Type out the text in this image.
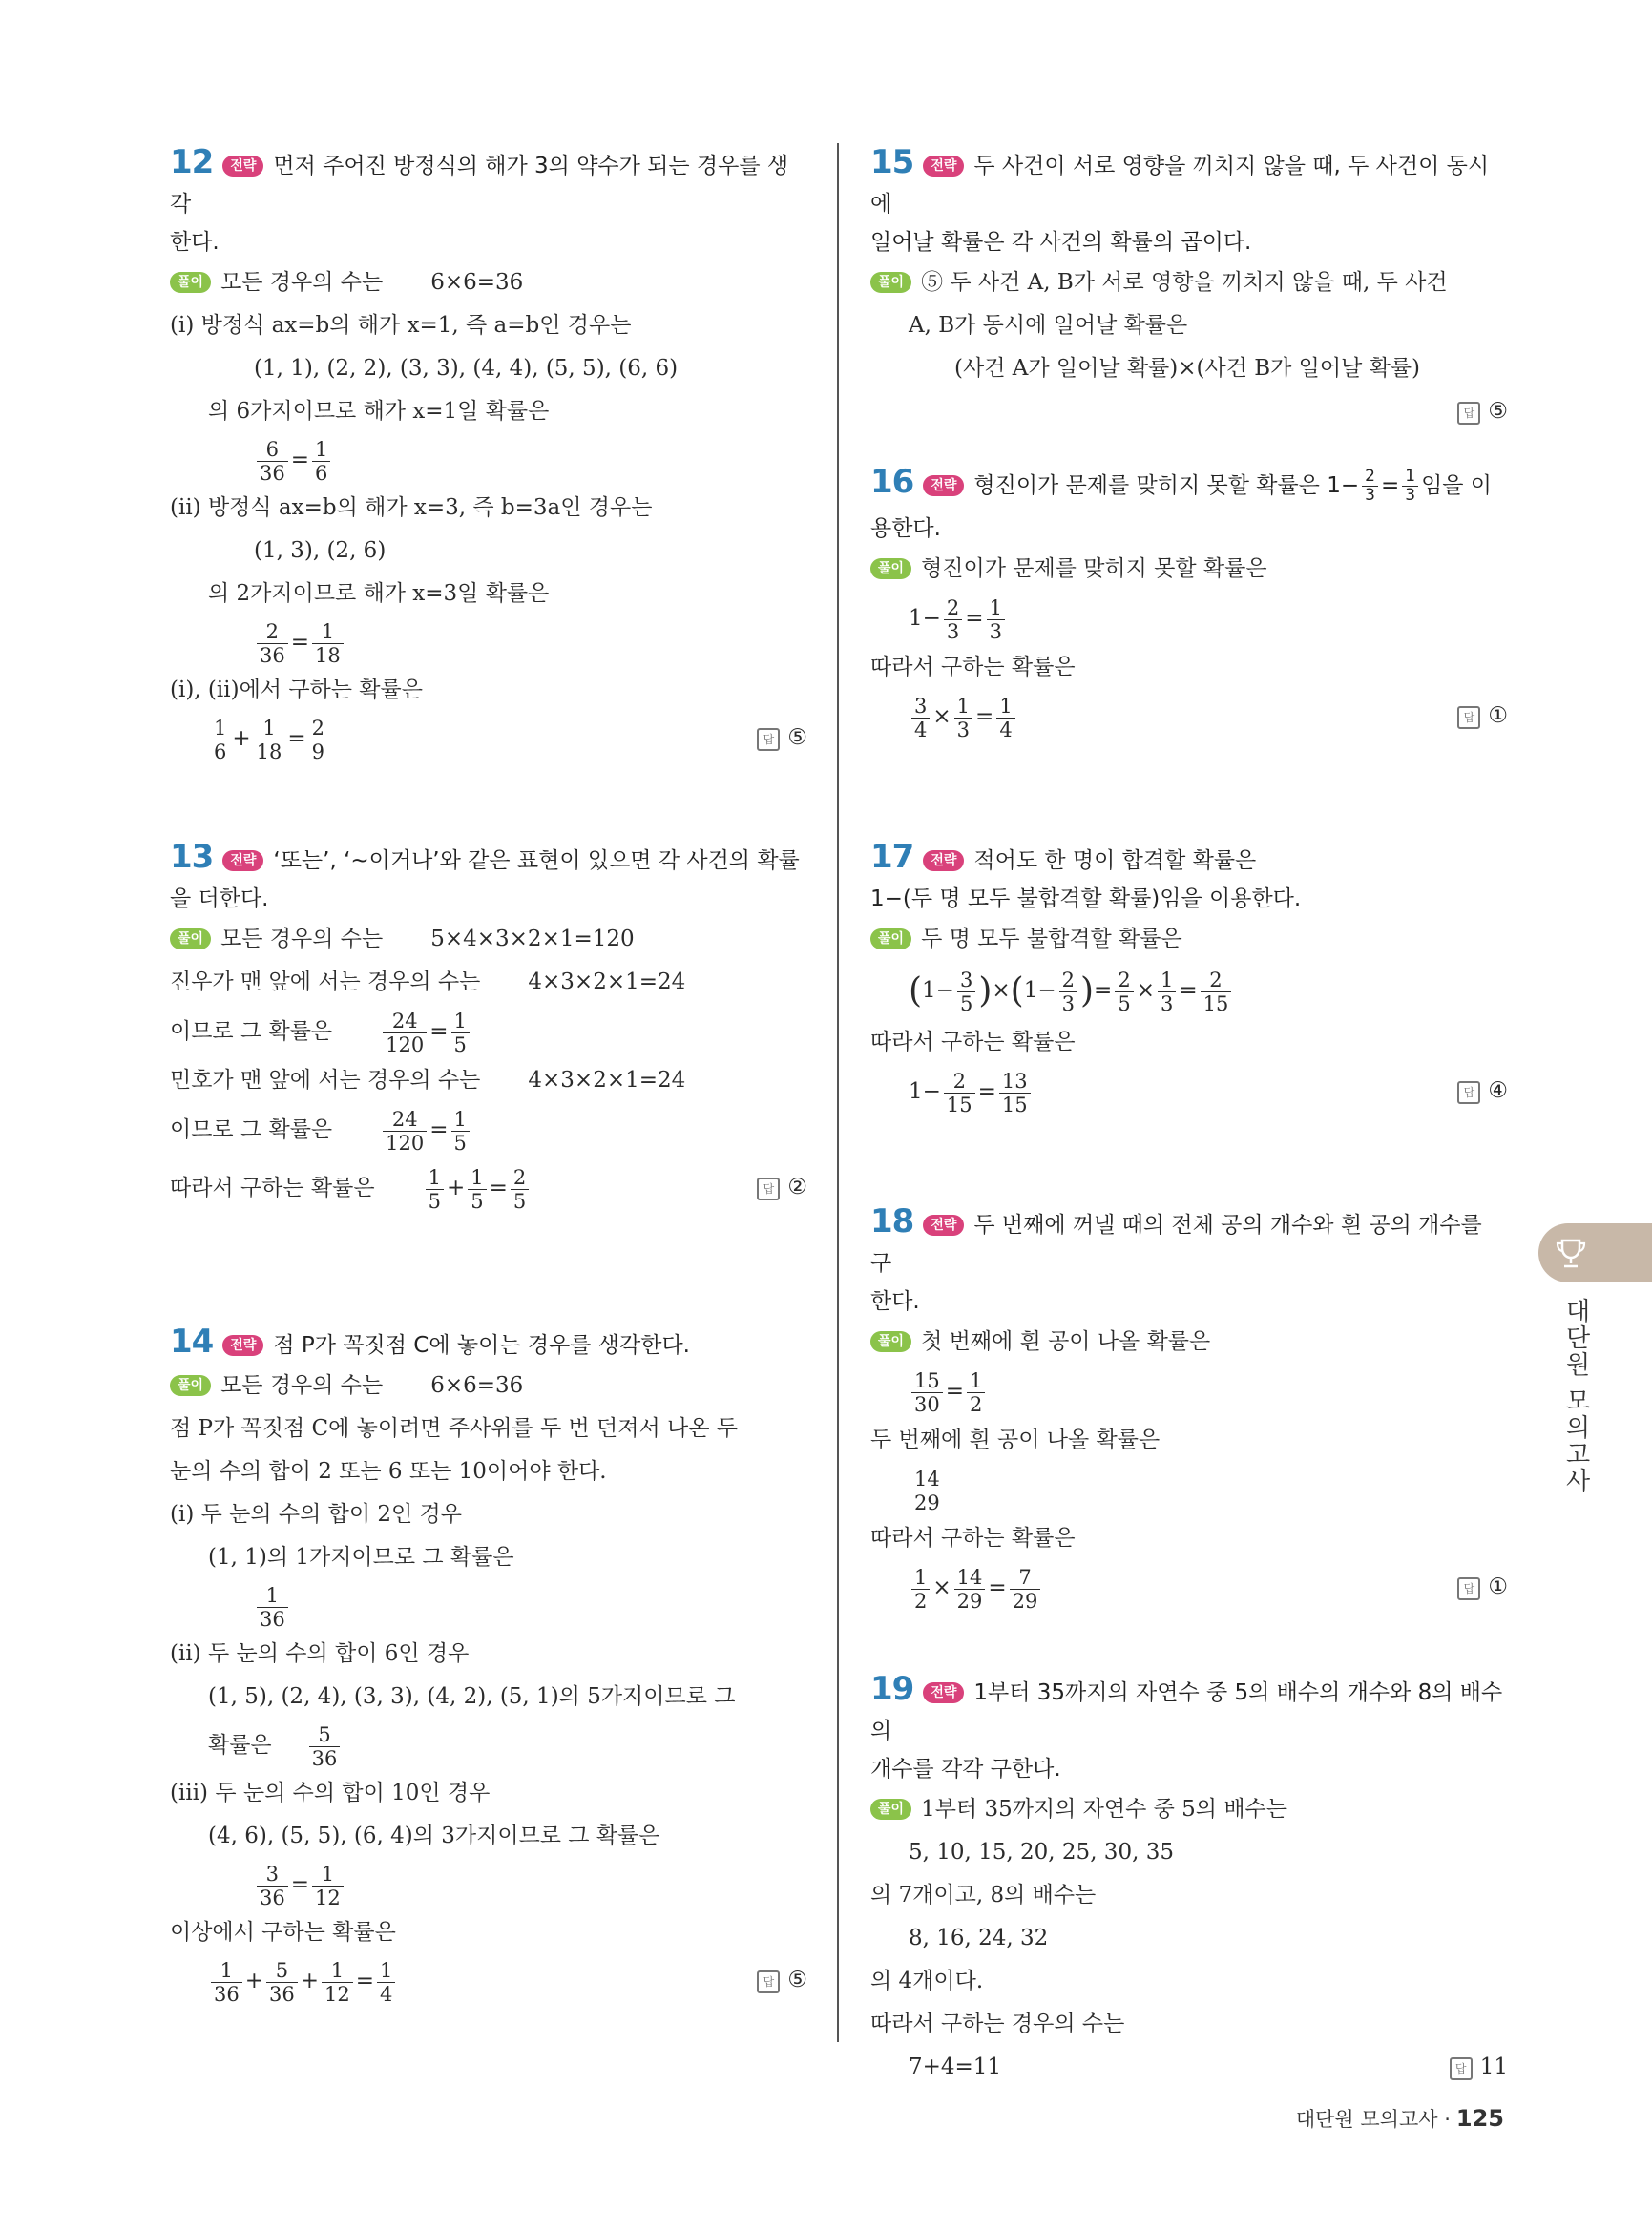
12 전략 먼저 주어진 방정식의 해가 3의 약수가 되는 경우를 생각
한다.
풀이 모든 경우의 수는 6×6=36
(ⅰ) 방정식 ax=b의 해가 x=1, 즉 a=b인 경우는
(1, 1), (2, 2), (3, 3), (4, 4), (5, 5), (6, 6)
의 6가지이므로 해가 x=1일 확률은
$\frac{6}{36} = \frac{1}{6}$
(ⅱ) 방정식 ax=b의 해가 x=3, 즉 b=3a인 경우는
(1, 3), (2, 6)
의 2가지이므로 해가 x=3일 확률은
$\frac{2}{36} = \frac{1}{18}$
(ⅰ), (ⅱ)에서 구하는 확률은
$\frac{1}{6} + \frac{1}{18} = \frac{2}{9}$	답 ⑤
13 전략 ‘또는’, ‘~이거나’와 같은 표현이 있으면 각 사건의 확률
을 더한다.
풀이 모든 경우의 수는 5×4×3×2×1=120
진우가 맨 앞에 서는 경우의 수는 4×3×2×1=24
이므로 그 확률은	$\frac{24}{120} = \frac{1}{5}$
민호가 맨 앞에 서는 경우의 수는 4×3×2×1=24
이므로 그 확률은	$\frac{24}{120} = \frac{1}{5}$
따라서 구하는 확률은	$\frac{1}{5} + \frac{1}{5} = \frac{2}{5}$	답 ②
14 전략 점 P가 꼭짓점 C에 놓이는 경우를 생각한다.
풀이 모든 경우의 수는 6×6=36
점 P가 꼭짓점 C에 놓이려면 주사위를 두 번 던져서 나온 두
눈의 수의 합이 2 또는 6 또는 10이어야 한다.
(ⅰ) 두 눈의 수의 합이 2인 경우
(1, 1)의 1가지이므로 그 확률은
$\frac{1}{36}$
(ⅱ) 두 눈의 수의 합이 6인 경우
(1, 5), (2, 4), (3, 3), (4, 2), (5, 1)의 5가지이므로 그
확률은 $\frac{5}{36}$
(ⅲ) 두 눈의 수의 합이 10인 경우
(4, 6), (5, 5), (6, 4)의 3가지이므로 그 확률은
$\frac{3}{36} = \frac{1}{12}$
이상에서 구하는 확률은
$\frac{1}{36} + \frac{5}{36} + \frac{1}{12} = \frac{1}{4}$	답 ⑤
15 전략 두 사건이 서로 영향을 끼치지 않을 때, 두 사건이 동시에
일어날 확률은 각 사건의 확률의 곱이다.
풀이 ⑤ 두 사건 A, B가 서로 영향을 끼치지 않을 때, 두 사건
A, B가 동시에 일어날 확률은
(사건 A가 일어날 확률)×(사건 B가 일어날 확률)

답 ⑤
16 전략 형진이가 문제를 맞히지 못할 확률은 $1- \frac{2}{3} = \frac{1}{3}$ 임을 이
용한다.
풀이 형진이가 문제를 맞히지 못할 확률은
$1- \frac{2}{3} = \frac{1}{3}$
따라서 구하는 확률은
$\frac{3}{4} \times \frac{1}{3} = \frac{1}{4}$	답 ①
17 전략 적어도 한 명이 합격할 확률은
1−(두 명 모두 불합격할 확률)임을 이용한다.
풀이 두 명 모두 불합격할 확률은
$(1- \frac{3}{5} )\times(1- \frac{2}{3}$ )= $\frac{2}{5} \times \frac{1}{3} = \frac{2}{15}$
따라서 구하는 확률은
$1- \frac{2}{15} = \frac{13}{15}$	답 ④
18 전략 두 번째에 꺼낼 때의 전체 공의 개수와 흰 공의 개수를 구
한다.
풀이 첫 번째에 흰 공이 나올 확률은
$\frac{15}{30} = \frac{1}{2}$
두 번째에 흰 공이 나올 확률은
$\frac{14}{29}$
따라서 구하는 확률은
$\frac{1}{2} \times \frac{14}{29} = \frac{7}{29}$	답 ①
19 전략 1부터 35까지의 자연수 중 5의 배수의 개수와 8의 배수의
개수를 각각 구한다.
풀이 1부터 35까지의 자연수 중 5의 배수는
5, 10, 15, 20, 25, 30, 35
의 7개이고, 8의 배수는
8, 16, 24, 32
의 4개이다.
따라서 구하는 경우의 수는
7+4=11	답 11
대단원 모의고사
대단원 모의고사 · 125
